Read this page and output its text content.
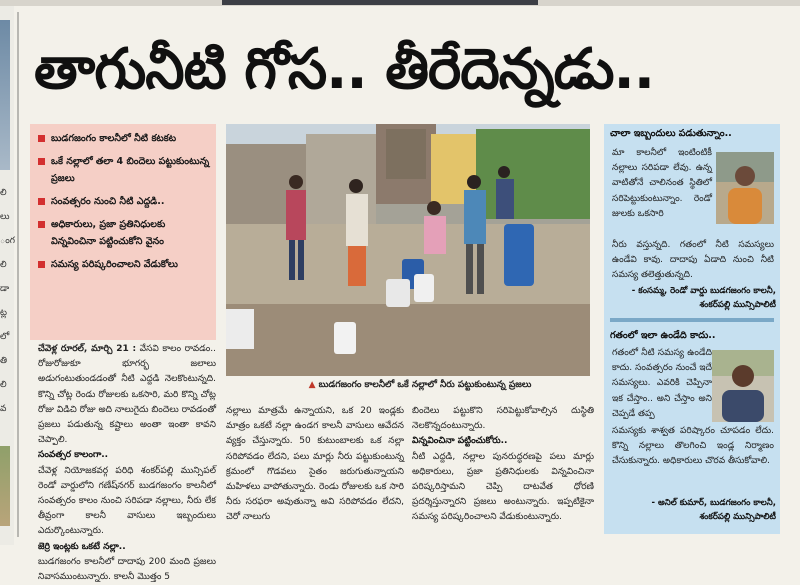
లి
లు
ంగ
లి
డా
ట్ల
లో
తి
లి
వ
తాగునీటి గోస.. తీరేదెన్నడు..
బుడగజంగం కాలనీలో నీటి కటకట
ఒకే నల్లాలో తలా 4 బిందెలు పట్టుకుంటున్న ప్రజలు
సంవత్సరం నుంచి నీటి ఎద్దడి..
అధికారులు, ప్రజా ప్రతినిధులకు విన్నవించినా పట్టించుకోని వైనం
సమస్య పరిష్కరించాలని వేడుకోలు
▲ బుడగజంగం కాలనీలో ఒకే నల్లాలో నీరు పట్టుకుంటున్న ప్రజలు

చేవెళ్ల రూరల్‌, మార్చి 21 : వేసవి కాలం రావడం.. రోజురోజుకూ భూగర్భ జలాలు అడుగంటుతుండడంతో నీటి ఎద్దడి నెలకొంటున్నది. కొన్ని చోట్ల రెండు రోజులకు ఒకసారి, మరి కొన్ని చోట్ల రోజు విడిచి రోజు అది నాలుగైదు బిందెలు రావడంతో ప్రజలు పడుతున్న కష్టాలు అంతా ఇంతా కావని చెప్పాలి.

సంవత్సర కాలంగా..

చేవెళ్ల నియోజకవర్గ పరిధి శంకర్‌పల్లి మున్సిపల్‌ రెండో వార్డులోని గణేష్‌నగర్‌ బుడగజంగం కాలనీలో సంవత్సరం కాలం నుంచి సరిపడా నల్లాలు, నీరు లేక తీవ్రంగా కాలనీ వాసులు ఇబ్బందులు ఎదుర్కొంటున్నారు.

జెర్రి ఇంట్లకు ఒకటే నల్లా..

బుడగజంగం కాలనీలో దాదాపు 200 మంది ప్రజలు నివాసముంటున్నారు. కాలనీ మొత్తం 5

నల్లాలు మాత్రమే ఉన్నాయని, ఒక 20 ఇండ్లకు మాత్రం ఒకటే నల్లా ఉండగ కాలనీ వాసులు ఆవేదన వ్యక్తం చేస్తున్నారు. 50 కుటుంబాలకు ఒక నల్లా సరిపోవడం లేదని, పలు మార్లు నీరు పట్టుకుంటున్న క్రమంలో గొడవలు సైతం జరుగుతున్నాయని మహిళలు వాపోతున్నారు. రెండు రోజులకు ఒక సారి నీరు సరఫరా అవుతున్నా అవి సరిపోవడం లేదని, చెరో నాలుగు

బిందెలు పట్టుకొని సరిపెట్టుకోవాల్సిన దుస్థితి నెలకొన్నదంటున్నారు.

విన్నవించినా పట్టించుకోరు..

నీటి ఎద్దడి, నల్లాల పునరుద్ధరణపై పలు మార్లు అధికారులు, ప్రజా ప్రతినిధులకు విన్నవించినా పరిష్కరిస్తామని చెప్పి దాటవేత ధోరణి ప్రదర్శిస్తున్నారని ప్రజలు అంటున్నారు. ఇప్పటికైనా సమస్య పరిష్కరించాలని వేడుకుంటున్నారు.

చాలా ఇబ్బందులు పడుతున్నాం..
మా కాలనీలో ఇంటింటికీ నల్లాలు సరిపడా లేవు. ఉన్న వాటితోనే చాలినంత స్థితిలో సరిపెట్టుకుంటున్నాం. రెండో జులకు ఒకసారి
నీరు వస్తున్నది. గతంలో నీటి సమస్యలు ఉండేవి కావు. దాదాపు ఏడాది నుంచి నీటి సమస్య తలెత్తుతున్నది.
- కంసమ్మ, రెండో వార్డు బుడగజంగం కాలనీ,
శంకర్‌పల్లి మున్సిపాలిటీ
గతంలో ఇలా ఉండేది కాదు..
గతంలో నీటి సమస్య ఉండేది కాదు. సంవత్సరం నుంచే ఇదే సమస్యలు. ఎవరికి చెప్పినా ఇక చేస్తాం.. అని చేస్తాం అని చెప్పడే తప్ప
సమస్యకు శాశ్వత పరిష్కారం చూపడం లేదు. కొన్ని నల్లాలు తొలగించి ఇండ్ల నిర్మాణం చేసుకున్నారు. అధికారులు చొరవ తీసుకోవాలి.
- అనిల్‌ కుమార్‌, బుడగజంగం కాలనీ,
శంకర్‌పల్లి మున్సిపాలిటీ
